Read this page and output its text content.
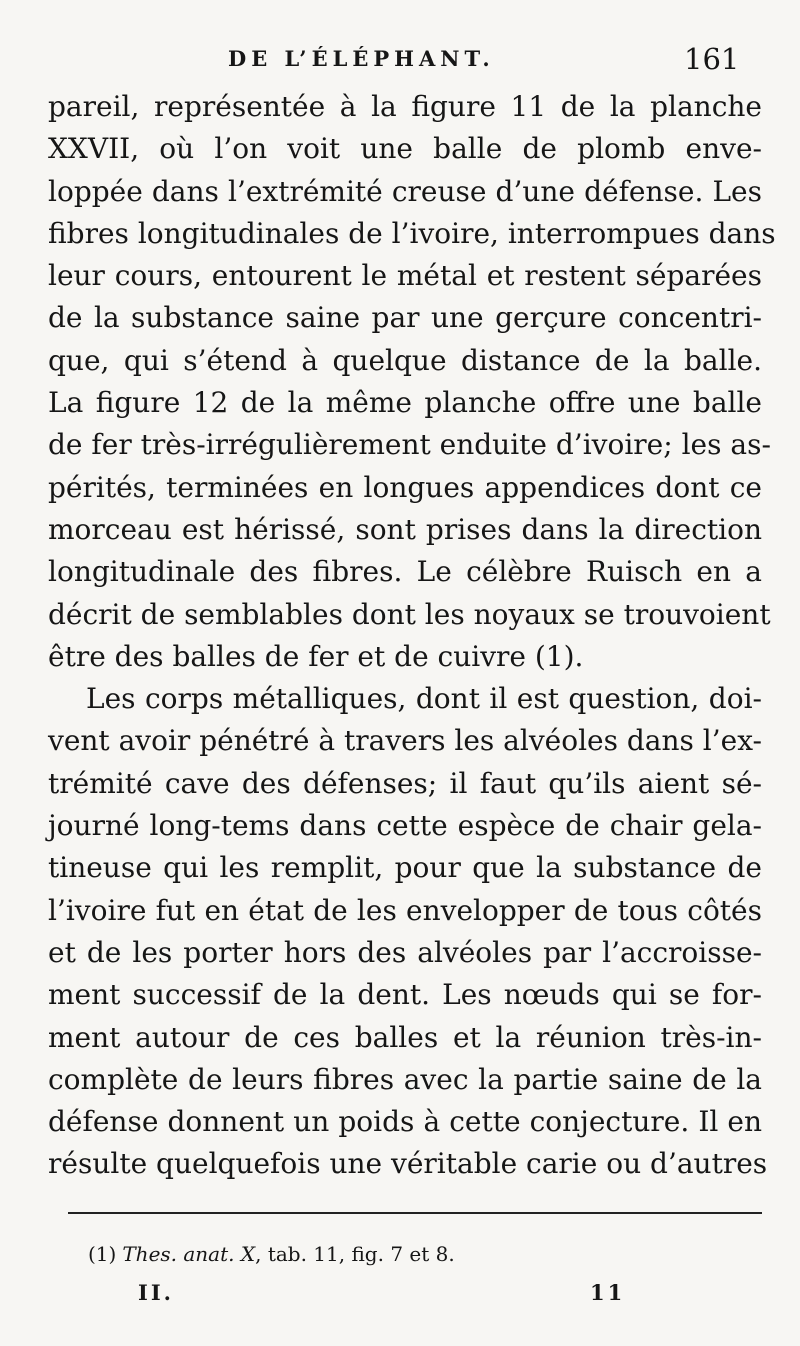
DE L’ÉLÉPHANT.	161
pareil, représentée à la figure 11 de la planche
XXVII, où l’on voit une balle de plomb enve-
loppée dans l’extrémité creuse d’une défense. Les
fibres longitudinales de l’ivoire, interrompues dans
leur cours, entourent le métal et restent séparées
de la substance saine par une gerçure concentri-
que, qui s’étend à quelque distance de la balle.
La figure 12 de la même planche offre une balle
de fer très-irrégulièrement enduite d’ivoire; les as-
pérités, terminées en longues appendices dont ce
morceau est hérissé, sont prises dans la direction
longitudinale des fibres. Le célèbre Ruisch en a
décrit de semblables dont les noyaux se trouvoient
être des balles de fer et de cuivre (1).
Les corps métalliques, dont il est question, doi-
vent avoir pénétré à travers les alvéoles dans l’ex-
trémité cave des défenses; il faut qu’ils aient sé-
journé long-tems dans cette espèce de chair gela-
tineuse qui les remplit, pour que la substance de
l’ivoire fut en état de les envelopper de tous côtés
et de les porter hors des alvéoles par l’accroisse-
ment successif de la dent. Les nœuds qui se for-
ment autour de ces balles et la réunion très-in-
complète de leurs fibres avec la partie saine de la
défense donnent un poids à cette conjecture. Il en
résulte quelquefois une véritable carie ou d’autres
(1) Thes. anat. X, tab. 11, fig. 7 et 8.
II.	11
